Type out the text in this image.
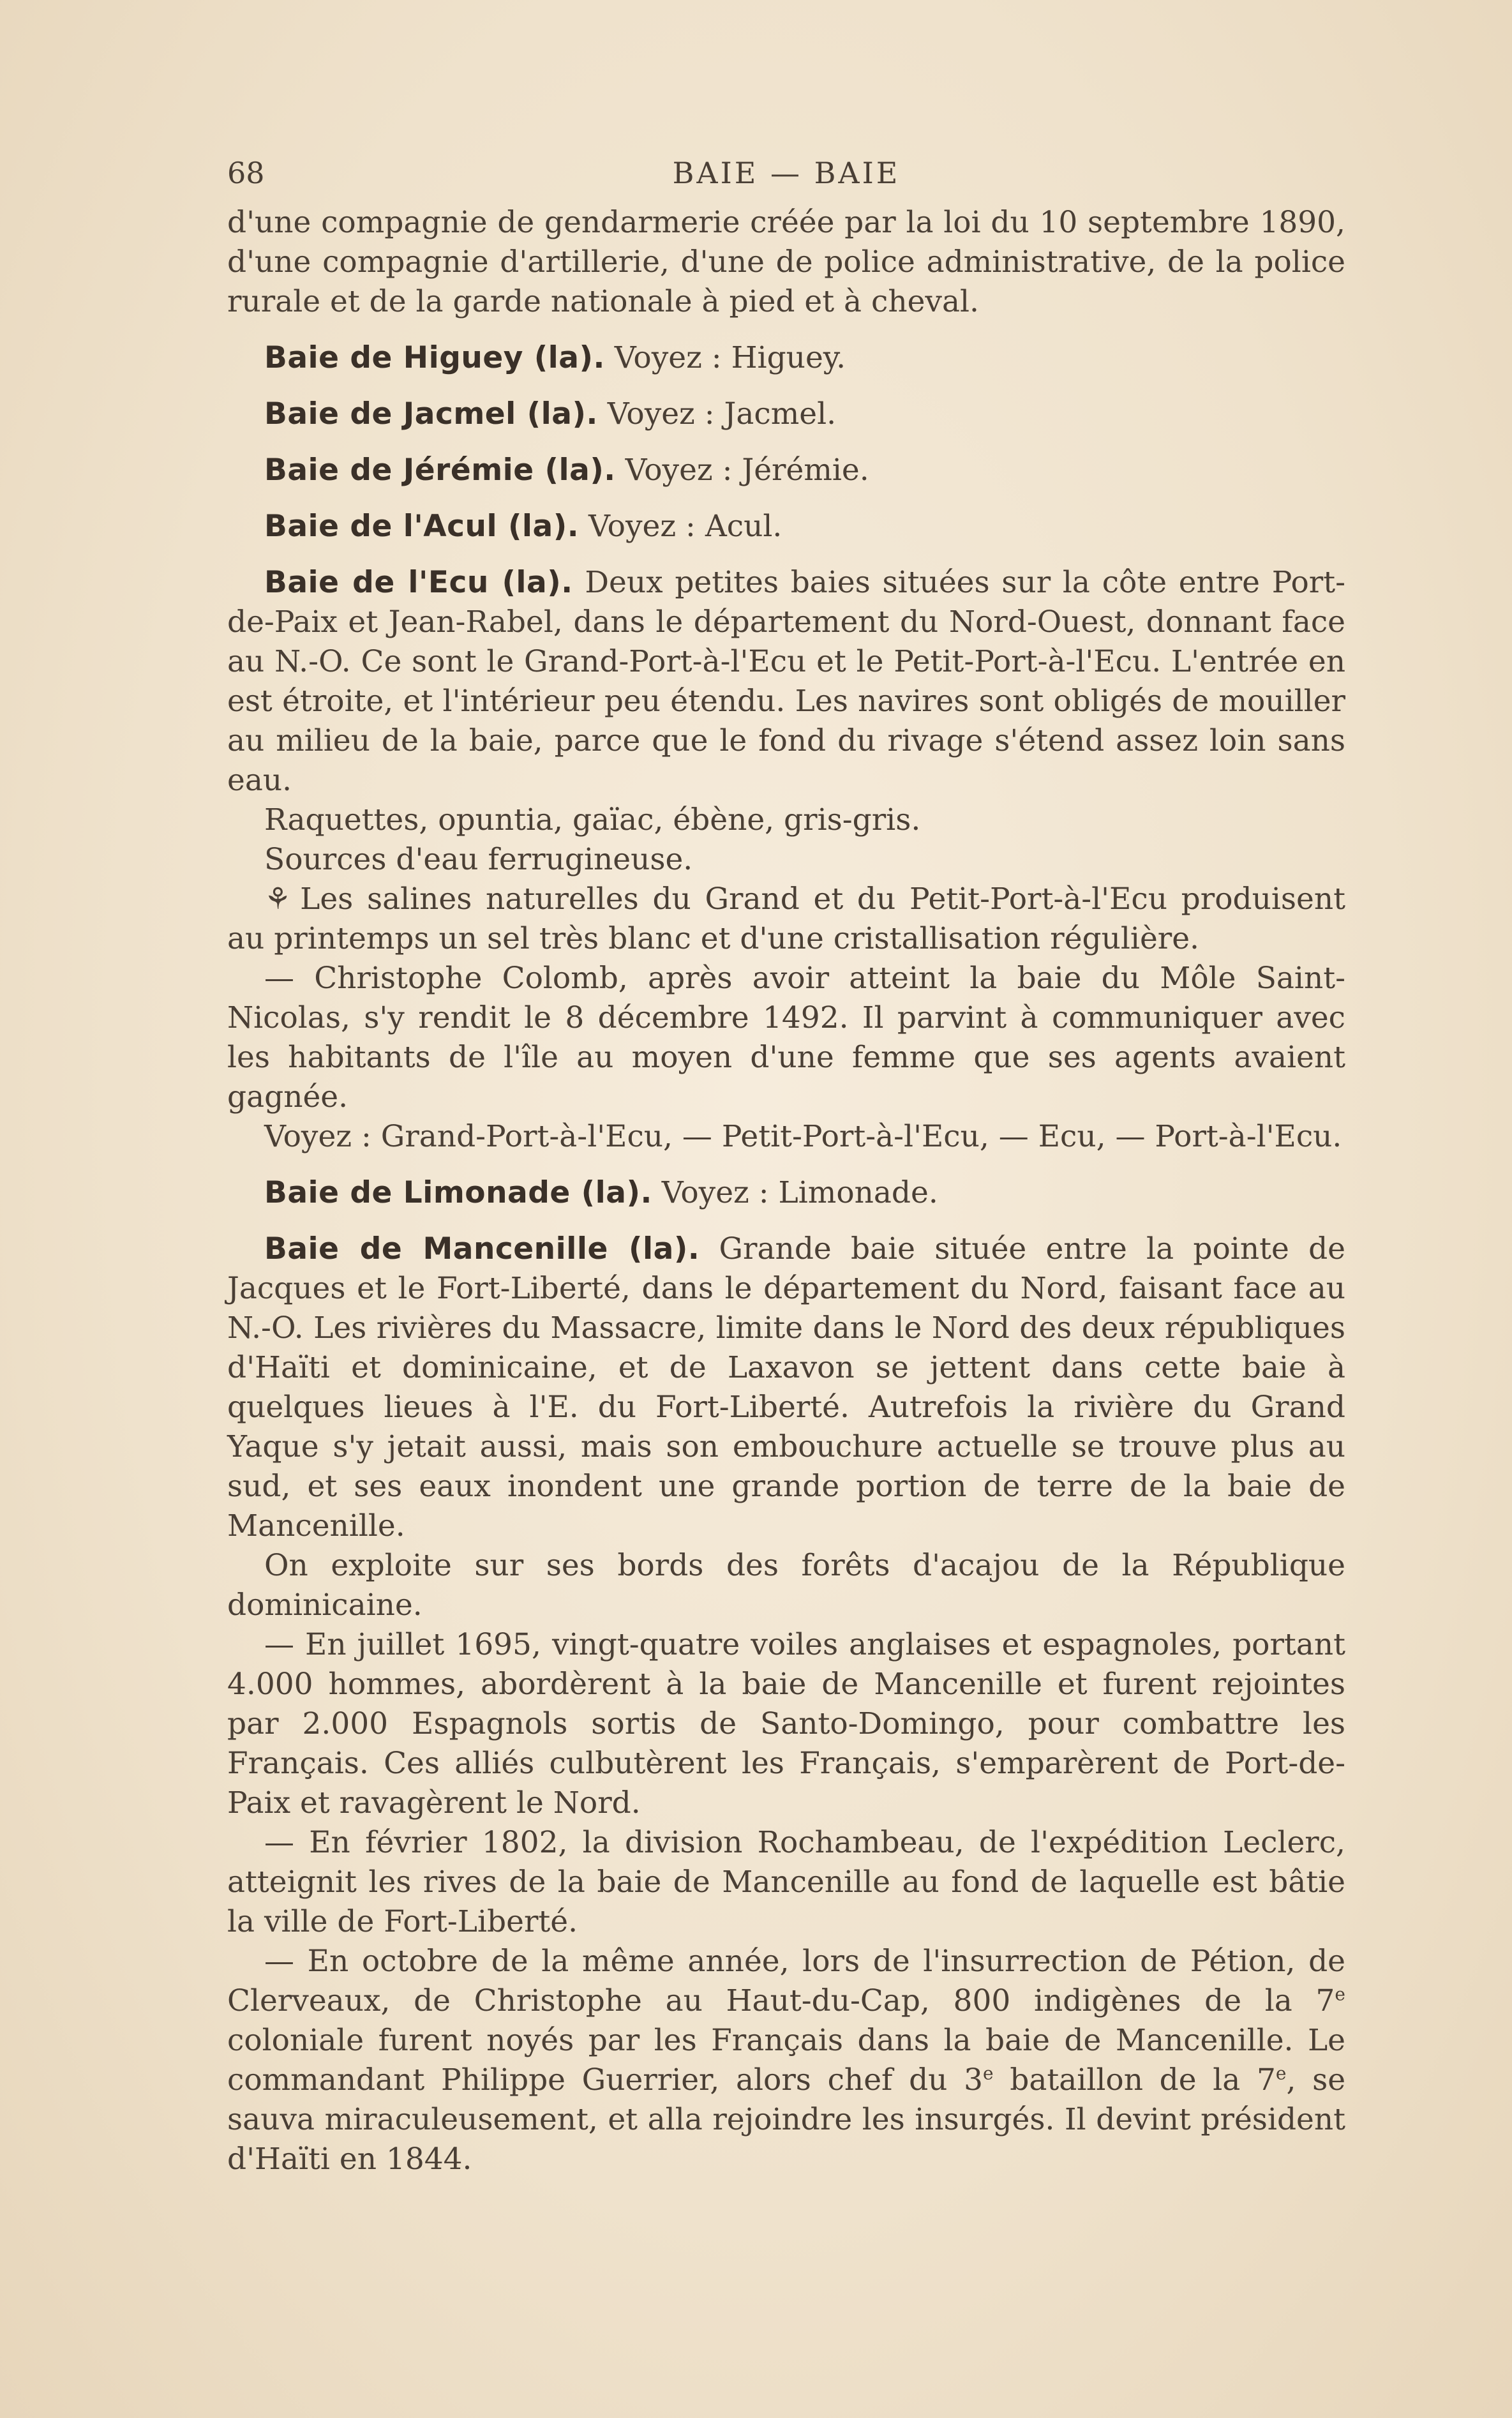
68	BAIE — BAIE

d'une compagnie de gendarmerie créée par la loi du 10 septembre 1890, d'une compagnie d'artillerie, d'une de police administrative, de la police rurale et de la garde nationale à pied et à cheval.

Baie de Higuey (la). Voyez : Higuey.

Baie de Jacmel (la). Voyez : Jacmel.

Baie de Jérémie (la). Voyez : Jérémie.

Baie de l'Acul (la). Voyez : Acul.

Baie de l'Ecu (la). Deux petites baies situées sur la côte entre Port-de-Paix et Jean-Rabel, dans le département du Nord-Ouest, donnant face au N.-O. Ce sont le Grand-Port-à-l'Ecu et le Petit-Port-à-l'Ecu. L'entrée en est étroite, et l'intérieur peu étendu. Les navires sont obligés de mouiller au milieu de la baie, parce que le fond du rivage s'étend assez loin sans eau.

Raquettes, opuntia, gaïac, ébène, gris-gris.

Sources d'eau ferrugineuse.

⚘ Les salines naturelles du Grand et du Petit-Port-à-l'Ecu produisent au printemps un sel très blanc et d'une cristallisation régulière.

— Christophe Colomb, après avoir atteint la baie du Môle Saint-Nicolas, s'y rendit le 8 décembre 1492. Il parvint à communiquer avec les habitants de l'île au moyen d'une femme que ses agents avaient gagnée.

Voyez : Grand-Port-à-l'Ecu, — Petit-Port-à-l'Ecu, — Ecu, — Port-à-l'Ecu.

Baie de Limonade (la). Voyez : Limonade.

Baie de Mancenille (la). Grande baie située entre la pointe de Jacques et le Fort-Liberté, dans le département du Nord, faisant face au N.-O. Les rivières du Massacre, limite dans le Nord des deux républiques d'Haïti et dominicaine, et de Laxavon se jettent dans cette baie à quelques lieues à l'E. du Fort-Liberté. Autrefois la rivière du Grand Yaque s'y jetait aussi, mais son embouchure actuelle se trouve plus au sud, et ses eaux inondent une grande portion de terre de la baie de Mancenille.

On exploite sur ses bords des forêts d'acajou de la République dominicaine.

— En juillet 1695, vingt-quatre voiles anglaises et espagnoles, portant 4.000 hommes, abordèrent à la baie de Mancenille et furent rejointes par 2.000 Espagnols sortis de Santo-Domingo, pour combattre les Français. Ces alliés culbutèrent les Français, s'emparèrent de Port-de-Paix et ravagèrent le Nord.

— En février 1802, la division Rochambeau, de l'expédition Leclerc, atteignit les rives de la baie de Mancenille au fond de laquelle est bâtie la ville de Fort-Liberté.

— En octobre de la même année, lors de l'insurrection de Pétion, de Clerveaux, de Christophe au Haut-du-Cap, 800 indigènes de la 7e coloniale furent noyés par les Français dans la baie de Mancenille. Le commandant Philippe Guerrier, alors chef du 3e bataillon de la 7e, se sauva miraculeusement, et alla rejoindre les insurgés. Il devint président d'Haïti en 1844.
